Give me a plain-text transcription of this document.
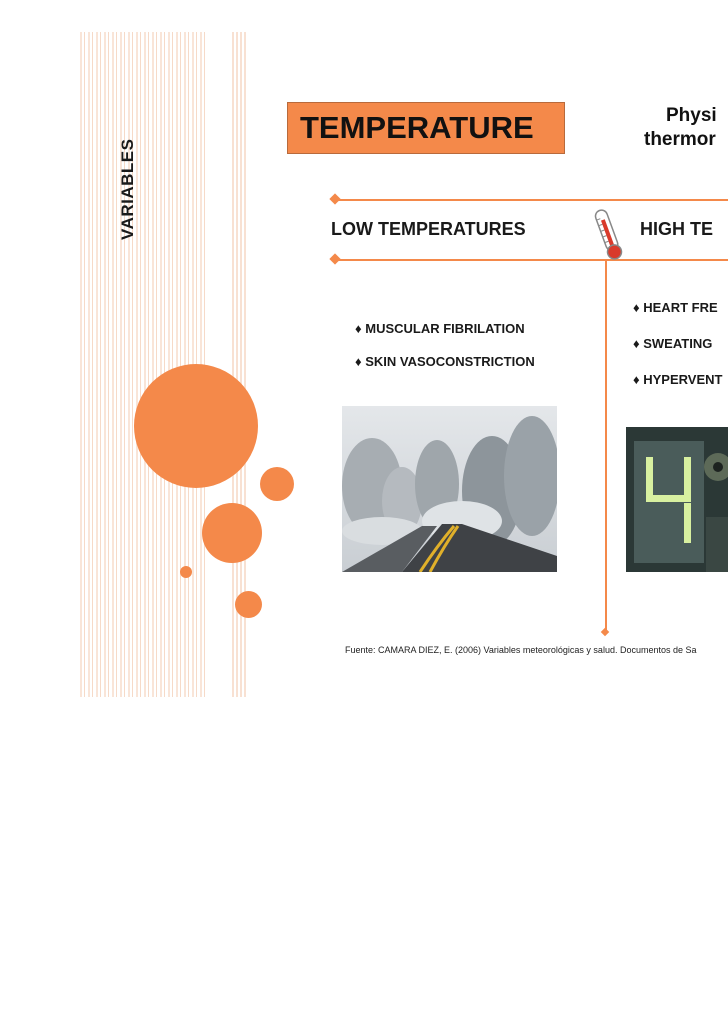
VARIABLES
TEMPERATURE	Physi
thermor
LOW TEMPERATURES	HIGH TE
♦ MUSCULAR FIBRILATION
♦ SKIN VASOCONSTRICTION
♦ HEART FRE
♦ SWEATING
♦ HYPERVENT
Fuente: CAMARA DIEZ, E. (2006) Variables meteorológicas y salud. Documentos de Sa
